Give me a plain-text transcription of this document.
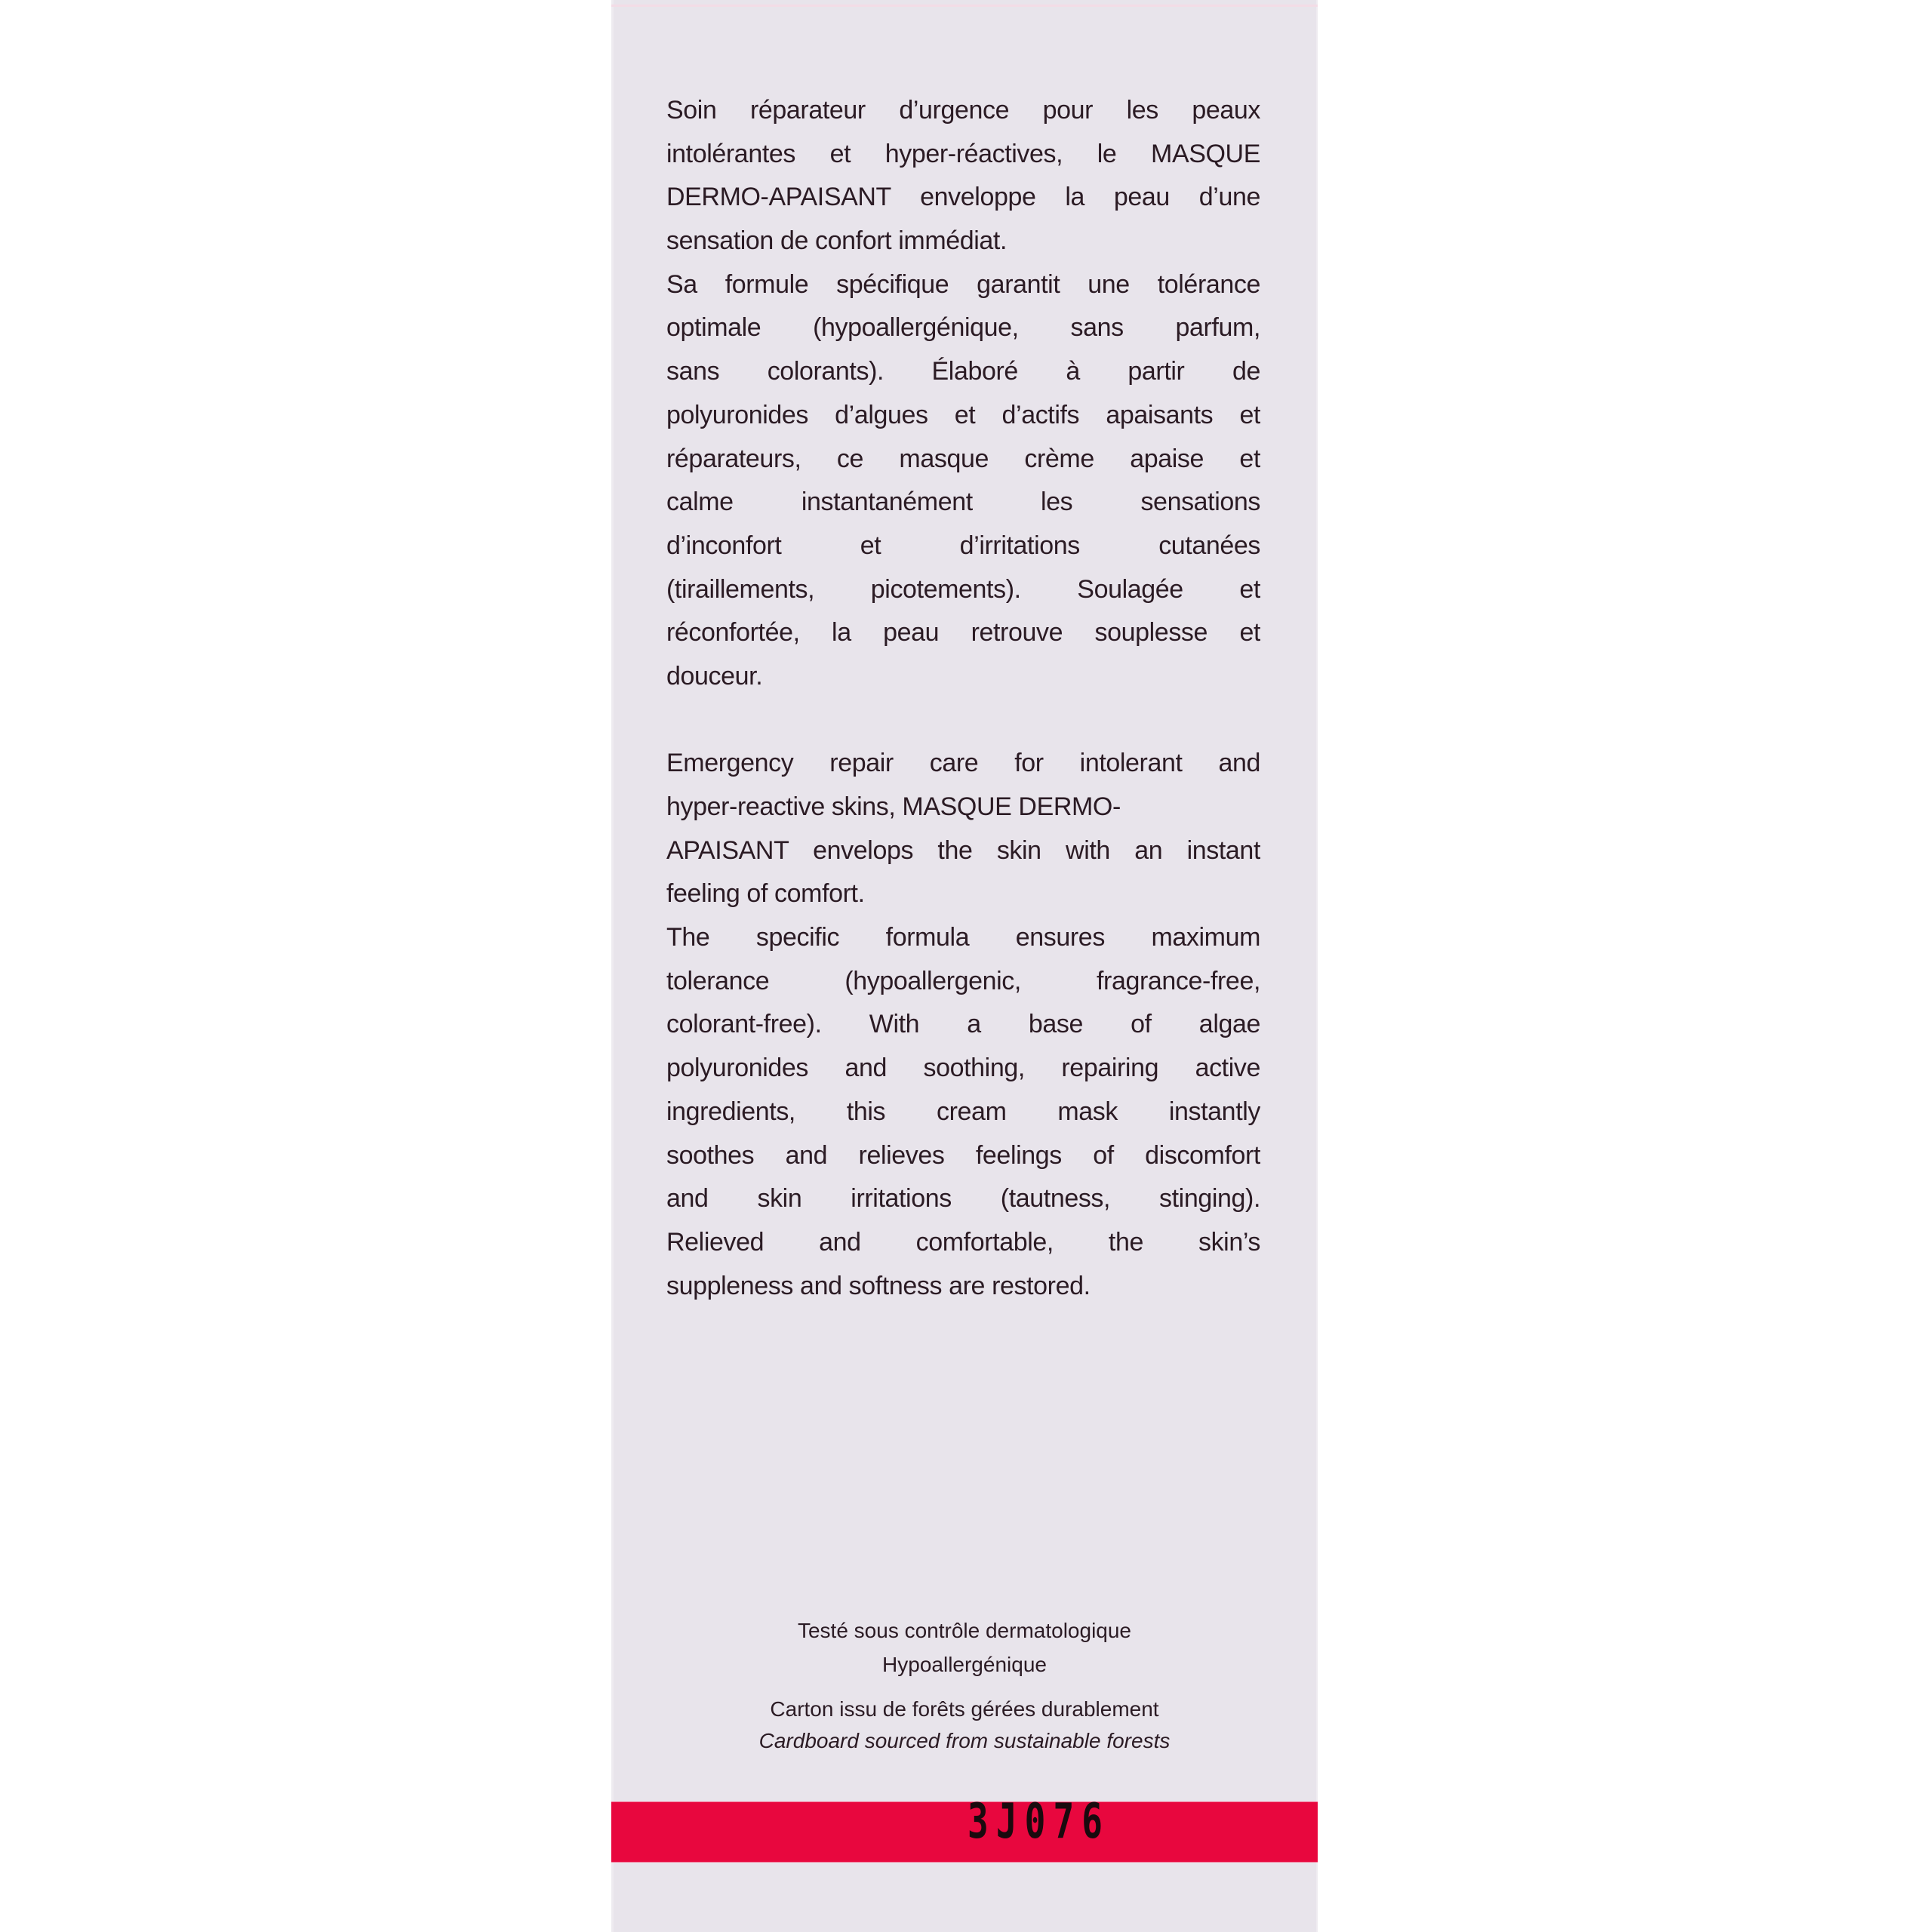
Soin réparateur d’urgence pour les peaux
intolérantes et hyper-réactives, le MASQUE
DERMO-APAISANT enveloppe la peau d’une
sensation de confort immédiat.
Sa formule spécifique garantit une tolérance
optimale (hypoallergénique, sans parfum,
sans colorants). Élaboré à partir de
polyuronides d’algues et d’actifs apaisants et
réparateurs, ce masque crème apaise et
calme instantanément les sensations
d’inconfort et d’irritations cutanées
(tiraillements, picotements). Soulagée et
réconfortée, la peau retrouve souplesse et
douceur.
Emergency repair care for intolerant and
hyper-reactive skins, MASQUE DERMO-
APAISANT envelops the skin with an instant
feeling of comfort.
The specific formula ensures maximum
tolerance (hypoallergenic, fragrance-free,
colorant-free). With a base of algae
polyuronides and soothing, repairing active
ingredients, this cream mask instantly
soothes and relieves feelings of discomfort
and skin irritations (tautness, stinging).
Relieved and comfortable, the skin’s
suppleness and softness are restored.
Testé sous contrôle dermatologique
Hypoallergénique
Carton issu de forêts gérées durablement
Cardboard sourced from sustainable forests
3J076
